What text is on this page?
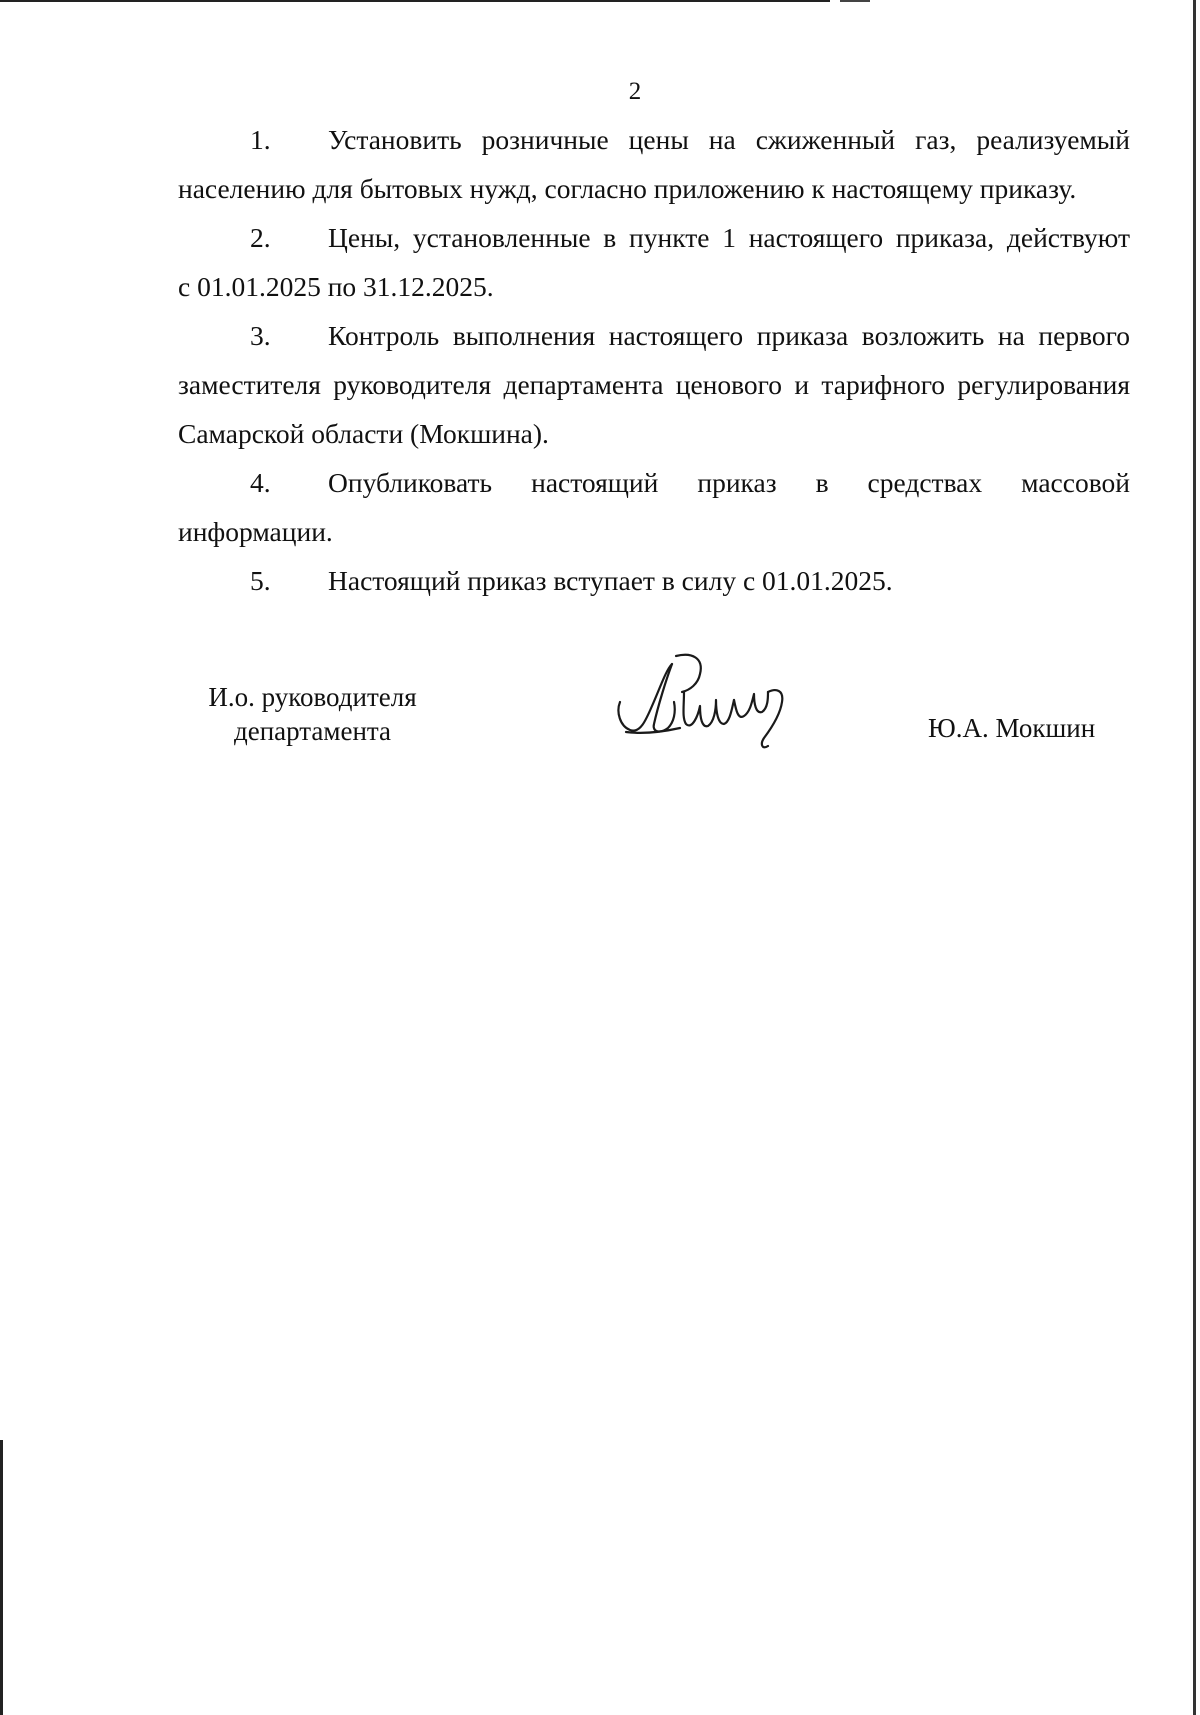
2
1. Установить розничные цены на сжиженный газ, реализуемый
населению для бытовых нужд, согласно приложению к настоящему приказу.
2. Цены, установленные в пункте 1 настоящего приказа, действуют
с 01.01.2025 по 31.12.2025.
3. Контроль выполнения настоящего приказа возложить на первого
заместителя руководителя департамента ценового и тарифного регулирования
Самарской области (Мокшина).
4. Опубликовать настоящий приказ в средствах массовой
информации.
5. Настоящий приказ вступает в силу с 01.01.2025.
И.о. руководителя
департамента	Ю.А. Мокшин
